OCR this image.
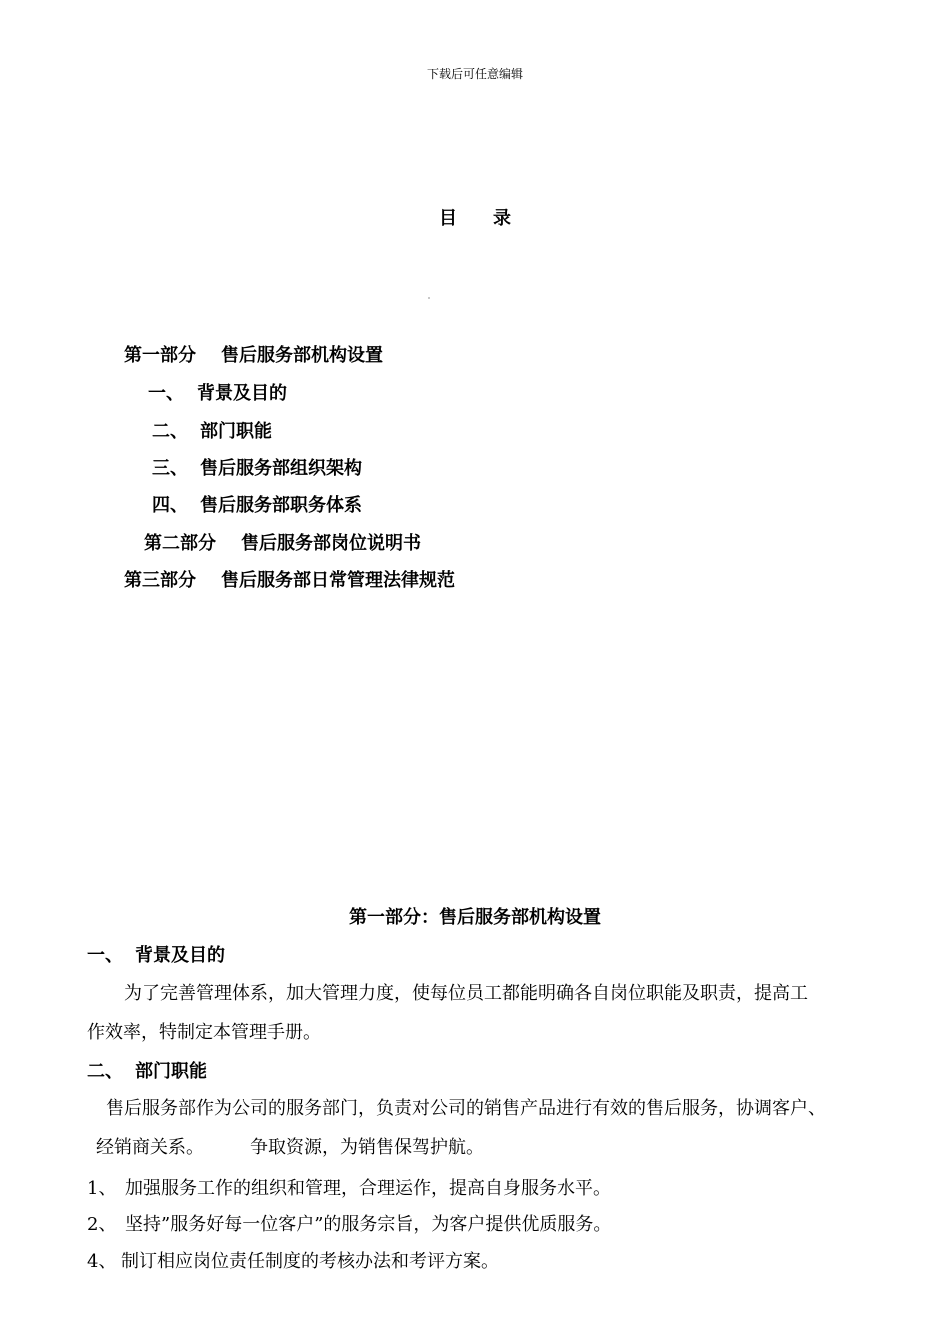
下载后可任意编辑
目 录
第一部分 售后服务部机构设置
一、 背景及目的
二、 部门职能
三、 售后服务部组织架构
四、 售后服务部职务体系
第二部分 售后服务部岗位说明书
第三部分 售后服务部日常管理法律规范
第一部分：售后服务部机构设置
一、 背景及目的
为了完善管理体系，加大管理力度，使每位员工都能明确各自岗位职能及职责，提高工
作效率，特制定本管理手册。
二、 部门职能
售后服务部作为公司的服务部门，负责对公司的销售产品进行有效的售后服务，协调客户、
经销商关系。	争取资源，为销售保驾护航。
1、 加强服务工作的组织和管理，合理运作，提高自身服务水平。
2、 坚持”服务好每一位客户”的服务宗旨，为客户提供优质服务。
4、 制订相应岗位责任制度的考核办法和考评方案。
